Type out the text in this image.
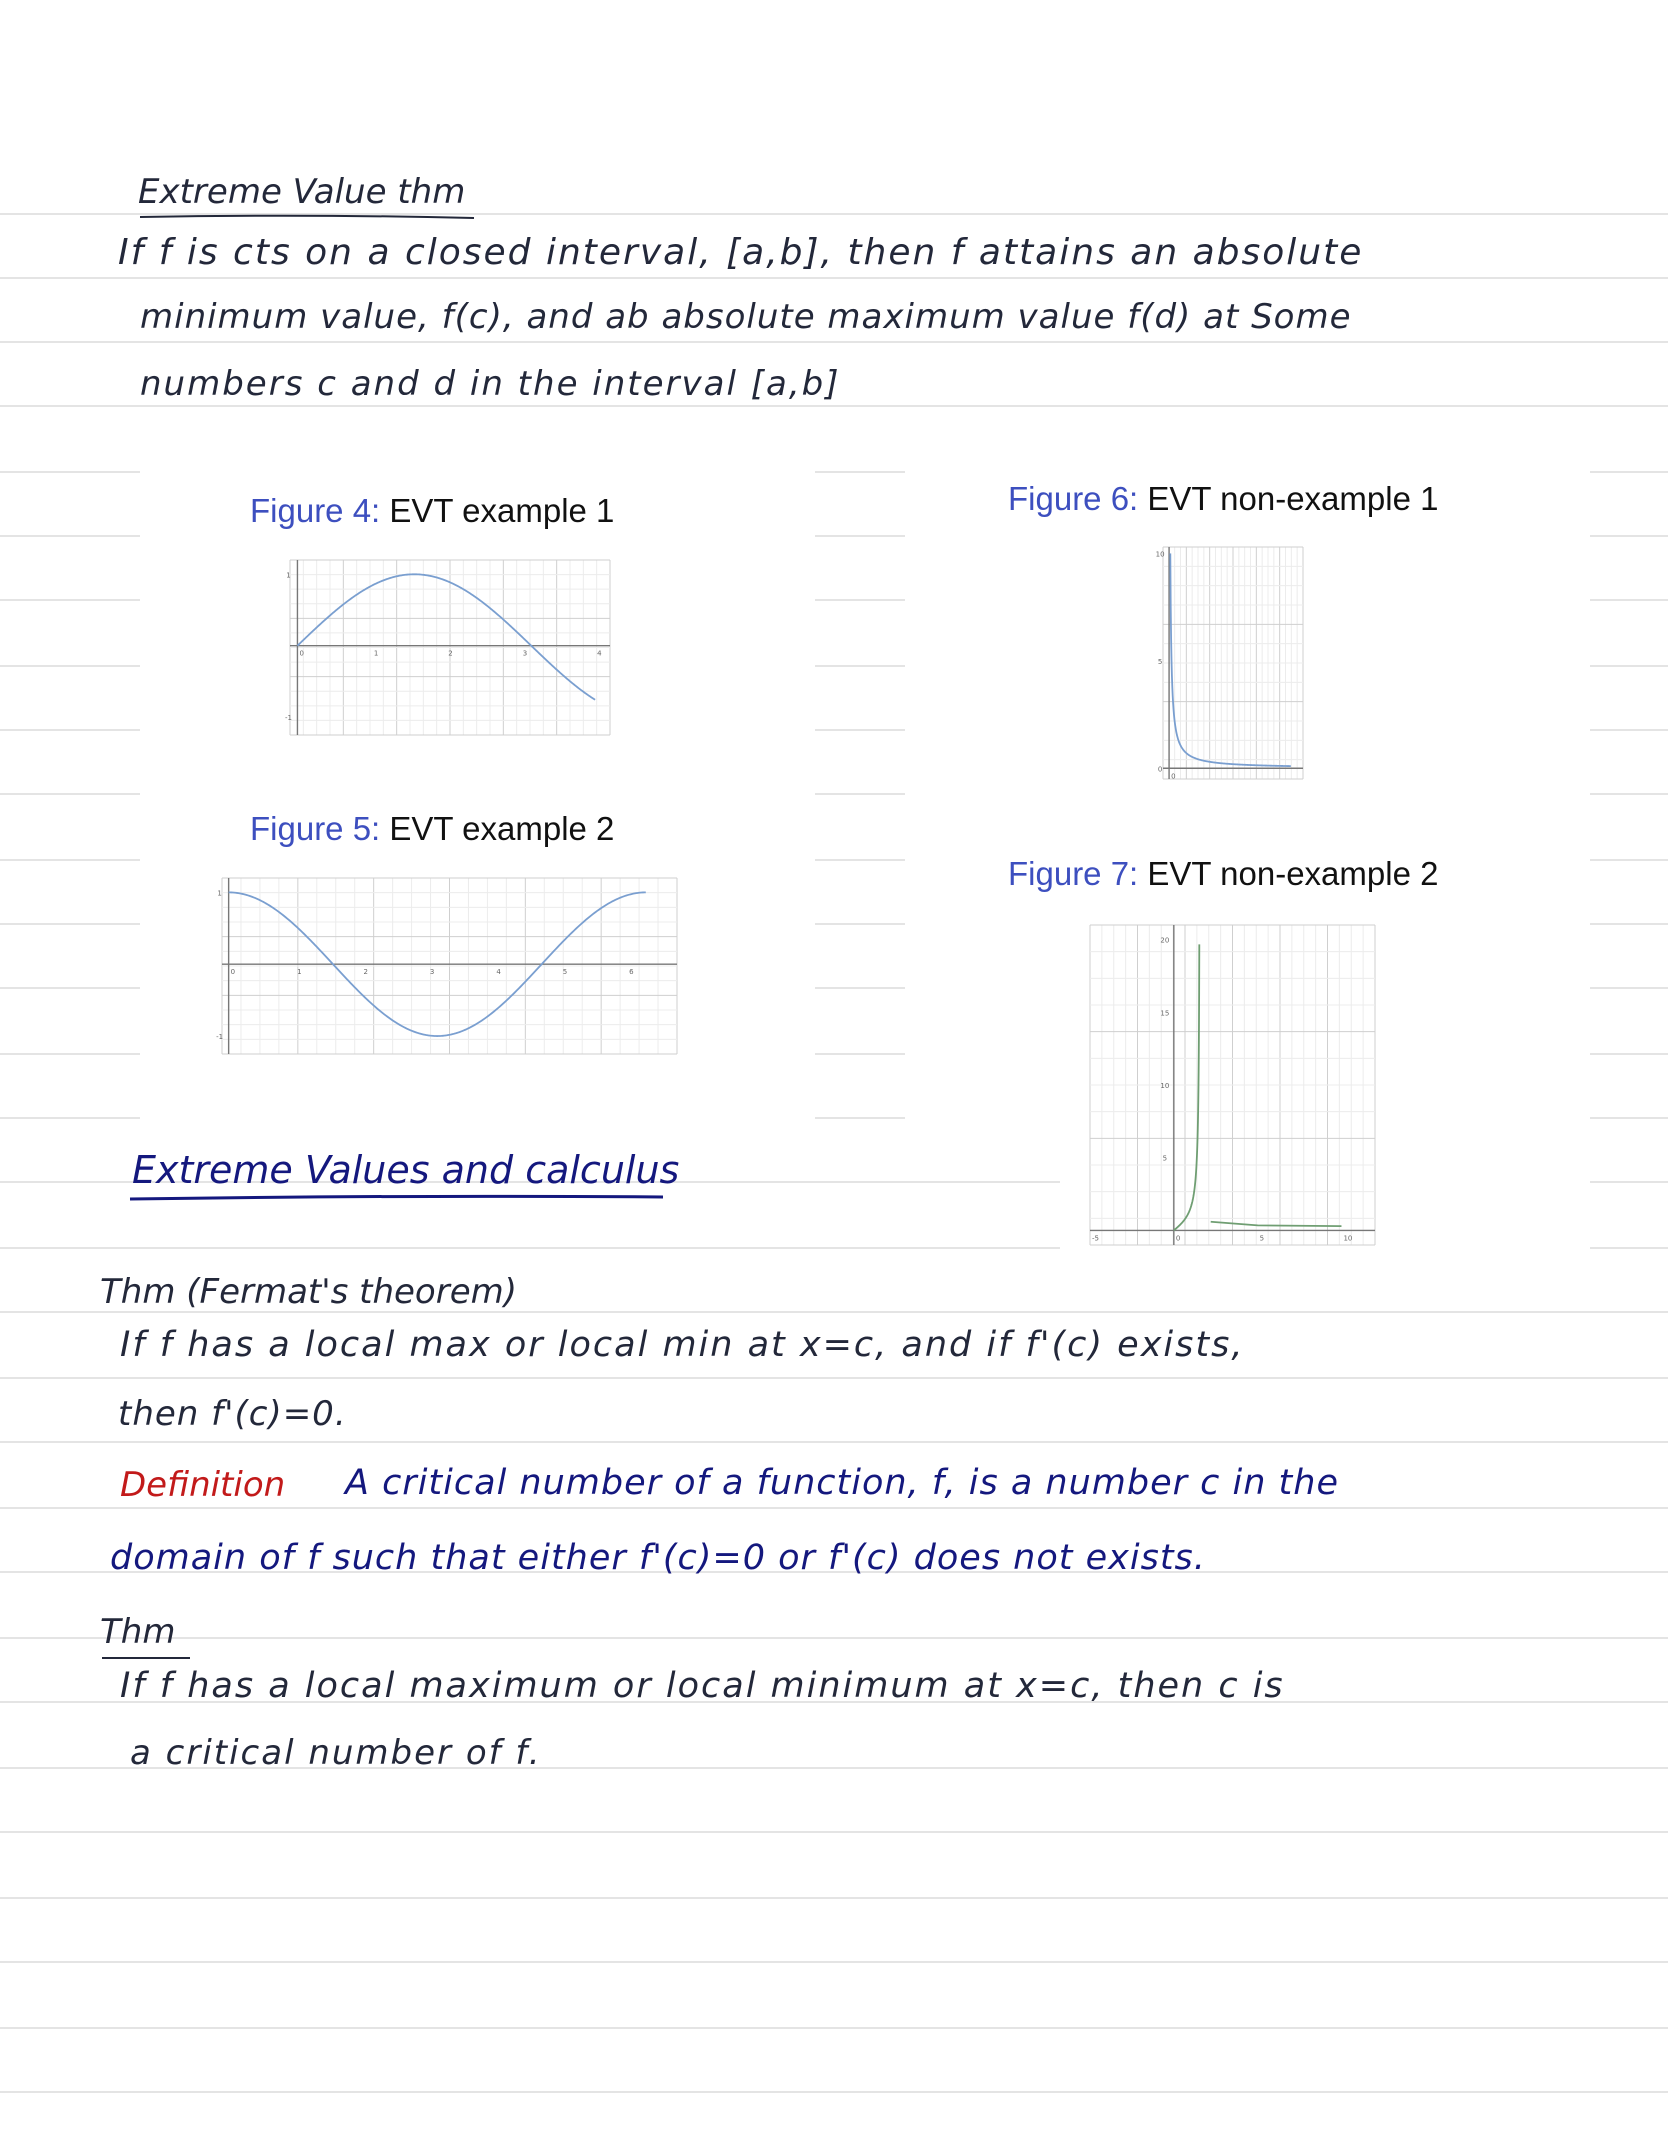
Extreme Value thm
If f is cts on a closed interval, [a,b], then f attains an absolute
minimum value, f(c), and ab absolute maximum value f(d) at Some
numbers c and d in the interval [a,b]
Figure 4: EVT example 1
0	1	2	3	4
1
-1
Figure 5: EVT example 2
0	1	2	3	4	5	6
1
-1
Figure 6: EVT non-example 1
0
10
5
0
Figure 7: EVT non-example 2
-5	0	5	10
20
15
10
5
Extreme Values and calculus
Thm (Fermat's theorem)
If f has a local max or local min at x=c, and if f'(c) exists,
then f'(c)=0.
Definition A critical number of a function, f, is a number c in the
domain of f such that either f'(c)=0 or f'(c) does not exists.
Thm
If f has a local maximum or local minimum at x=c, then c is
a critical number of f.
